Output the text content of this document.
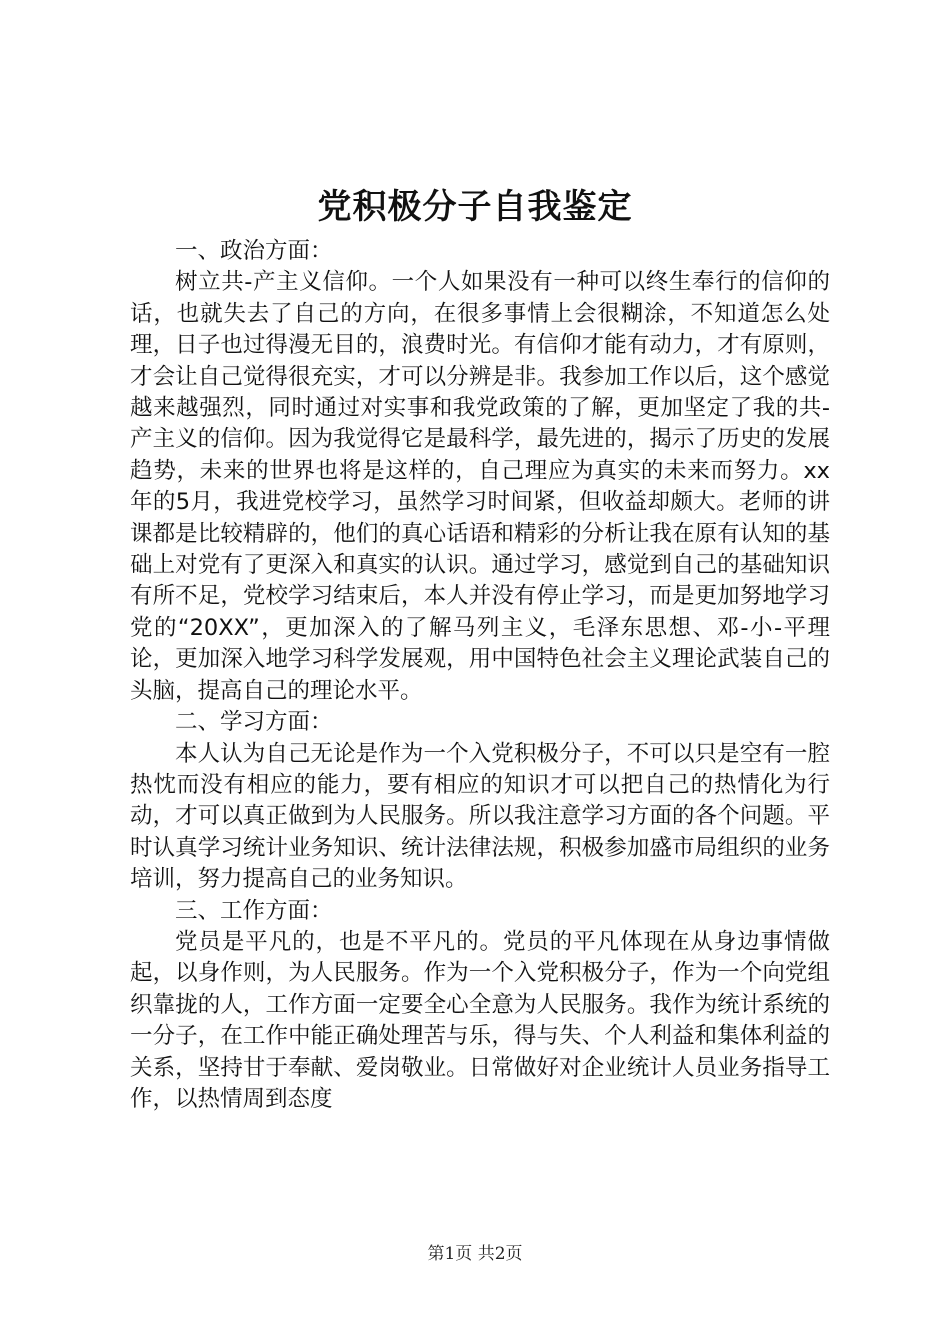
党积极分子自我鉴定

一、政治方面：

树立共-产主义信仰。一个人如果没有一种可以终生奉行的信仰的话，也就失去了自己的方向，在很多事情上会很糊涂，不知道怎么处理，日子也过得漫无目的，浪费时光。有信仰才能有动力，才有原则，才会让自己觉得很充实，才可以分辨是非。我参加工作以后，这个感觉越来越强烈，同时通过对实事和我党政策的了解，更加坚定了我的共-产主义的信仰。因为我觉得它是最科学，最先进的，揭示了历史的发展趋势，未来的世界也将是这样的，自己理应为真实的未来而努力。xx年的5月，我进党校学习，虽然学习时间紧，但收益却颇大。老师的讲课都是比较精辟的，他们的真心话语和精彩的分析让我在原有认知的基础上对党有了更深入和真实的认识。通过学习，感觉到自己的基础知识有所不足，党校学习结束后，本人并没有停止学习，而是更加努地学习党的“20XX”，更加深入的了解马列主义，毛泽东思想、邓-小-平理论，更加深入地学习科学发展观，用中国特色社会主义理论武装自己的头脑，提高自己的理论水平。

二、学习方面：

本人认为自己无论是作为一个入党积极分子，不可以只是空有一腔热忱而没有相应的能力，要有相应的知识才可以把自己的热情化为行动，才可以真正做到为人民服务。所以我注意学习方面的各个问题。平时认真学习统计业务知识、统计法律法规，积极参加盛市局组织的业务培训，努力提高自己的业务知识。

三、工作方面：

党员是平凡的，也是不平凡的。党员的平凡体现在从身边事情做起，以身作则，为人民服务。作为一个入党积极分子，作为一个向党组织靠拢的人，工作方面一定要全心全意为人民服务。我作为统计系统的一分子，在工作中能正确处理苦与乐，得与失、个人利益和集体利益的关系，坚持甘于奉献、爱岗敬业。日常做好对企业统计人员业务指导工作，以热情周到态度

第1页 共2页
